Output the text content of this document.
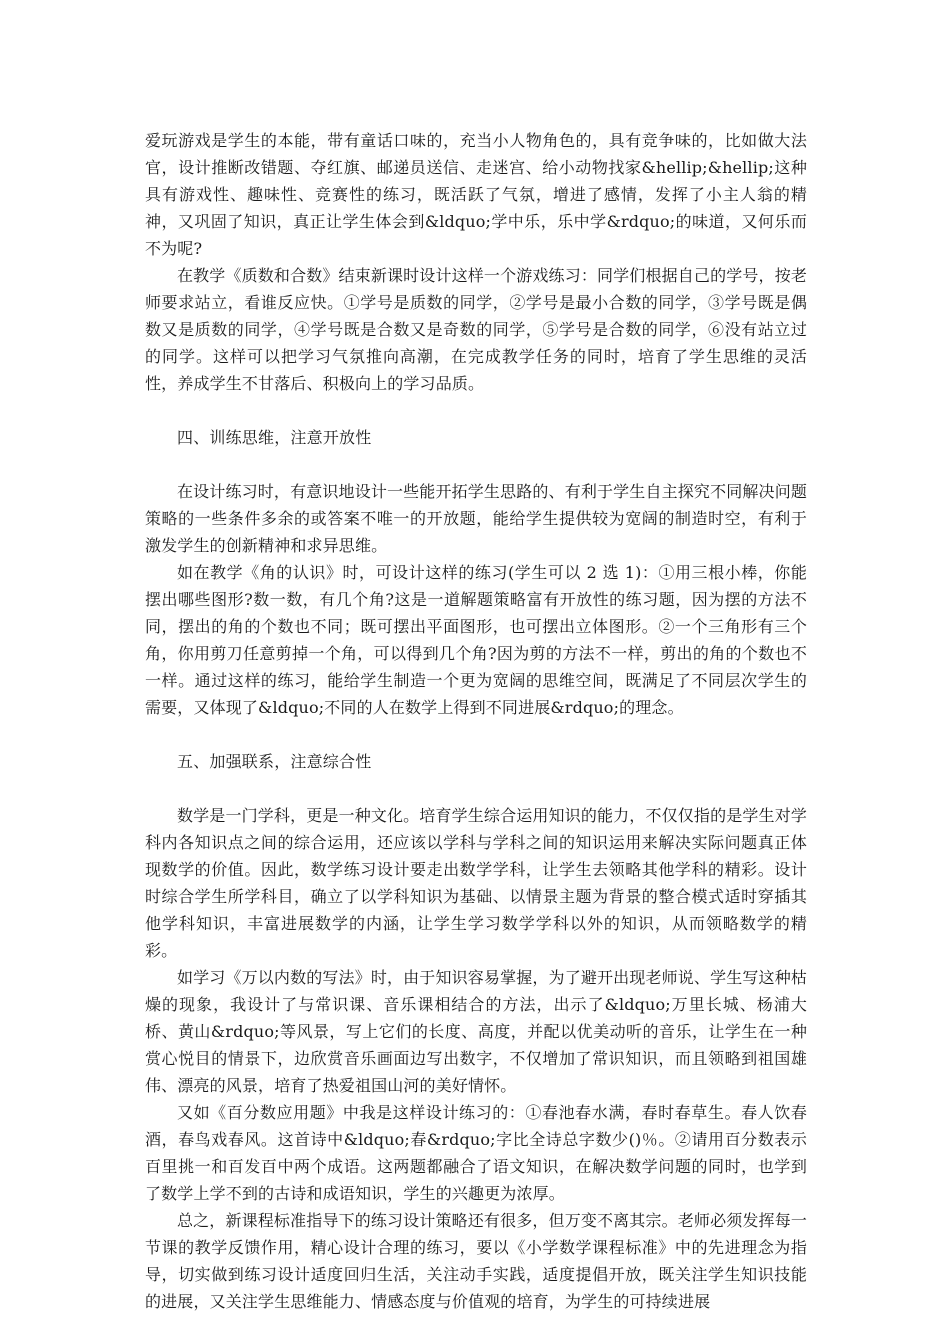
爱玩游戏是学生的本能，带有童话口味的，充当小人物角色的，具有竞争味的，比如做大法官，设计推断改错题、夺红旗、邮递员送信、走迷宫、给小动物找家&hellip;&hellip;这种具有游戏性、趣味性、竞赛性的练习，既活跃了气氛，增进了感情，发挥了小主人翁的精神，又巩固了知识，真正让学生体会到&ldquo;学中乐，乐中学&rdquo;的味道，又何乐而不为呢?

在教学《质数和合数》结束新课时设计这样一个游戏练习：同学们根据自己的学号，按老师要求站立，看谁反应快。①学号是质数的同学，②学号是最小合数的同学，③学号既是偶数又是质数的同学，④学号既是合数又是奇数的同学，⑤学号是合数的同学，⑥没有站立过的同学。这样可以把学习气氛推向高潮，在完成教学任务的同时，培育了学生思维的灵活性，养成学生不甘落后、积极向上的学习品质。

四、训练思维，注意开放性

在设计练习时，有意识地设计一些能开拓学生思路的、有利于学生自主探究不同解决问题策略的一些条件多余的或答案不唯一的开放题，能给学生提供较为宽阔的制造时空，有利于激发学生的创新精神和求异思维。

如在教学《角的认识》时，可设计这样的练习(学生可以 2 选 1)：①用三根小棒，你能摆出哪些图形?数一数，有几个角?这是一道解题策略富有开放性的练习题，因为摆的方法不同，摆出的角的个数也不同；既可摆出平面图形，也可摆出立体图形。②一个三角形有三个角，你用剪刀任意剪掉一个角，可以得到几个角?因为剪的方法不一样，剪出的角的个数也不一样。通过这样的练习，能给学生制造一个更为宽阔的思维空间，既满足了不同层次学生的需要，又体现了&ldquo;不同的人在数学上得到不同进展&rdquo;的理念。

五、加强联系，注意综合性

数学是一门学科，更是一种文化。培育学生综合运用知识的能力，不仅仅指的是学生对学科内各知识点之间的综合运用，还应该以学科与学科之间的知识运用来解决实际问题真正体现数学的价值。因此，数学练习设计要走出数学学科，让学生去领略其他学科的精彩。设计时综合学生所学科目，确立了以学科知识为基础、以情景主题为背景的整合模式适时穿插其他学科知识，丰富进展数学的内涵，让学生学习数学学科以外的知识，从而领略数学的精彩。

如学习《万以内数的写法》时，由于知识容易掌握，为了避开出现老师说、学生写这种枯燥的现象，我设计了与常识课、音乐课相结合的方法，出示了&ldquo;万里长城、杨浦大桥、黄山&rdquo;等风景，写上它们的长度、高度，并配以优美动听的音乐，让学生在一种赏心悦目的情景下，边欣赏音乐画面边写出数字，不仅增加了常识知识，而且领略到祖国雄伟、漂亮的风景，培育了热爱祖国山河的美好情怀。

又如《百分数应用题》中我是这样设计练习的：①春池春水满，春时春草生。春人饮春酒，春鸟戏春风。这首诗中&ldquo;春&rdquo;字比全诗总字数少()％。②请用百分数表示百里挑一和百发百中两个成语。这两题都融合了语文知识，在解决数学问题的同时，也学到了数学上学不到的古诗和成语知识，学生的兴趣更为浓厚。

总之，新课程标准指导下的练习设计策略还有很多，但万变不离其宗。老师必须发挥每一节课的教学反馈作用，精心设计合理的练习，要以《小学数学课程标准》中的先进理念为指导，切实做到练习设计适度回归生活，关注动手实践，适度提倡开放，既关注学生知识技能的进展，又关注学生思维能力、情感态度与价值观的培育，为学生的可持续进展
